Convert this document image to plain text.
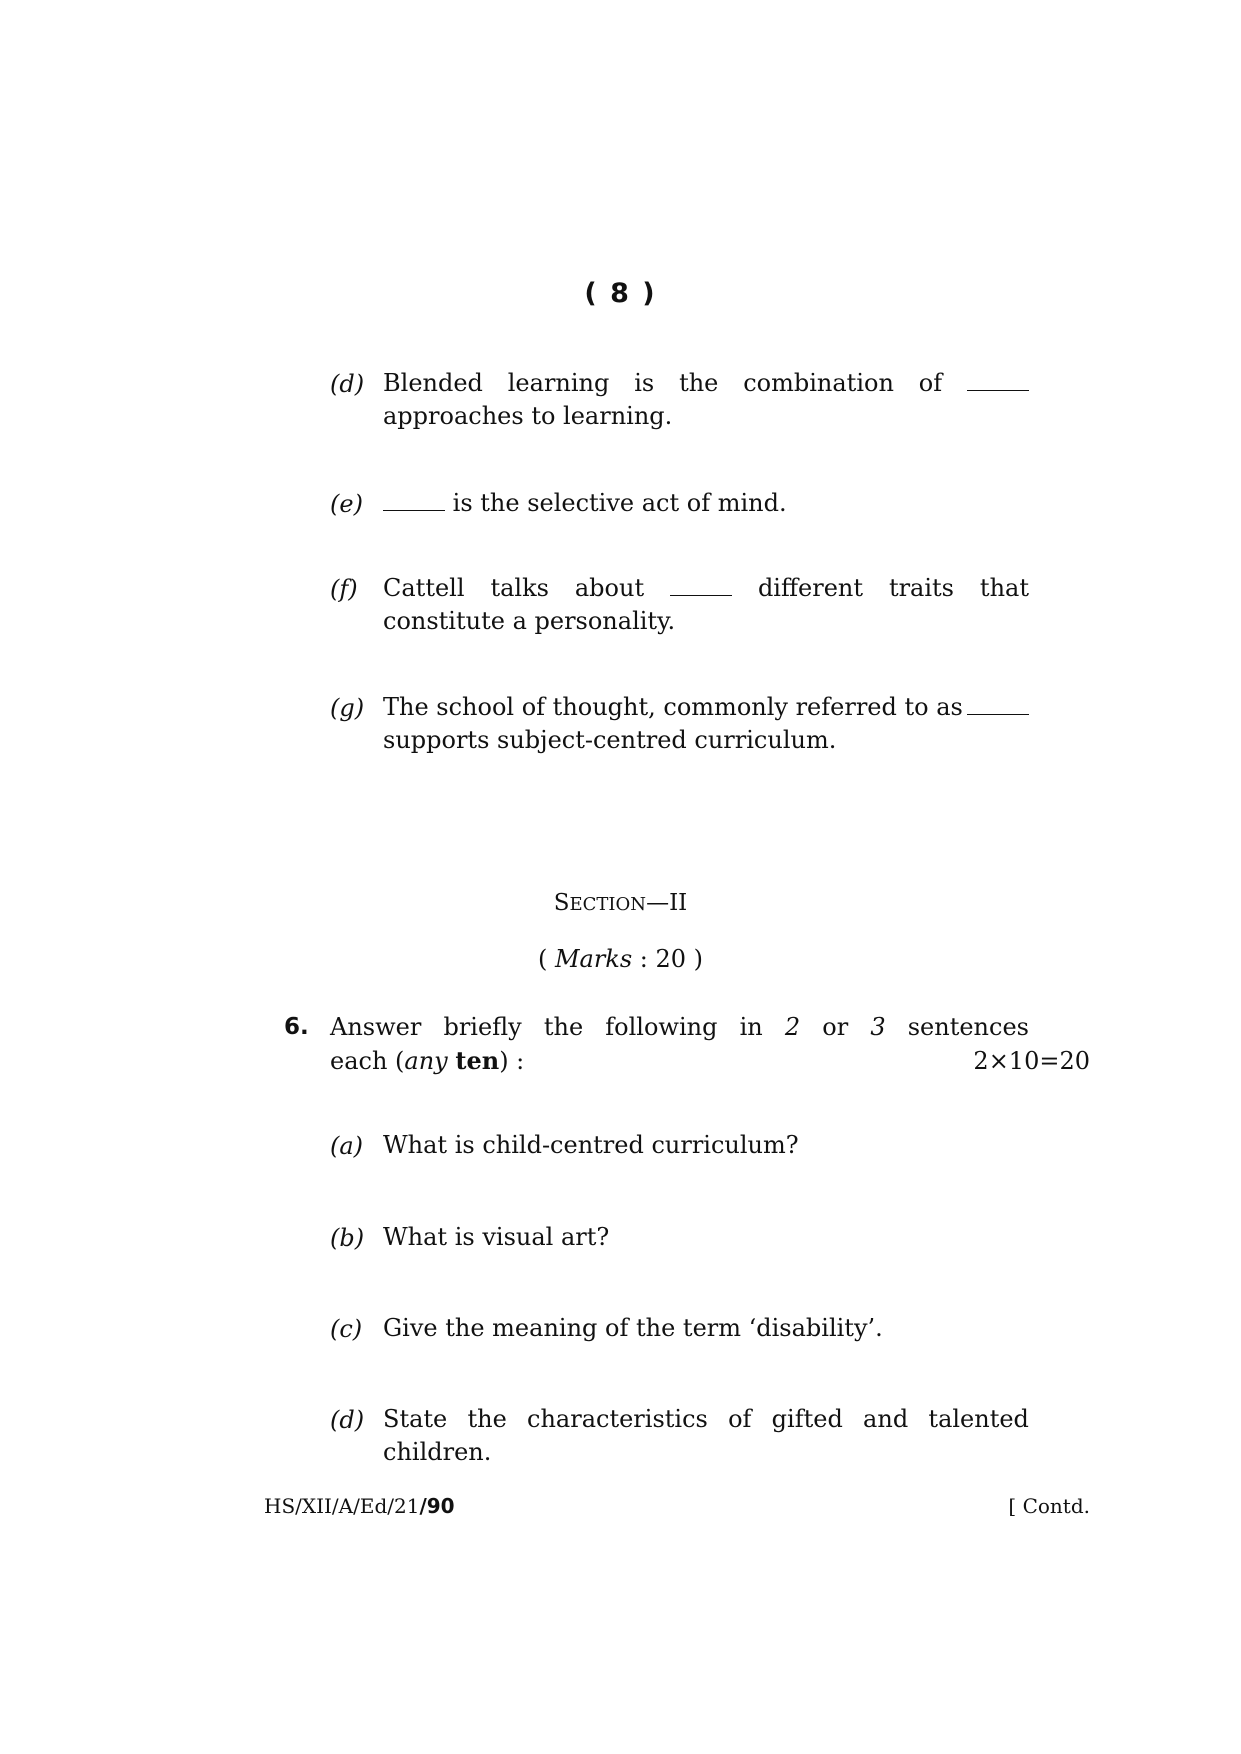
( 8 )
(d) Blended learning is the combination of
approaches to learning.
(e)	is the selective act of mind.
(f) Cattell talks about	different traits that
constitute a personality.
(g) The school of thought, commonly referred to as
supports subject-centred curriculum.
SECTION—II
( Marks : 20 )
6. Answer briefly the following in 2 or 3 sentences
each (any ten) :	2×10=20
(a) What is child-centred curriculum?
(b) What is visual art?
(c) Give the meaning of the term ‘disability’.
(d) State the characteristics of gifted and talented
children.
HS/XII/A/Ed/21/90	[ Contd.
